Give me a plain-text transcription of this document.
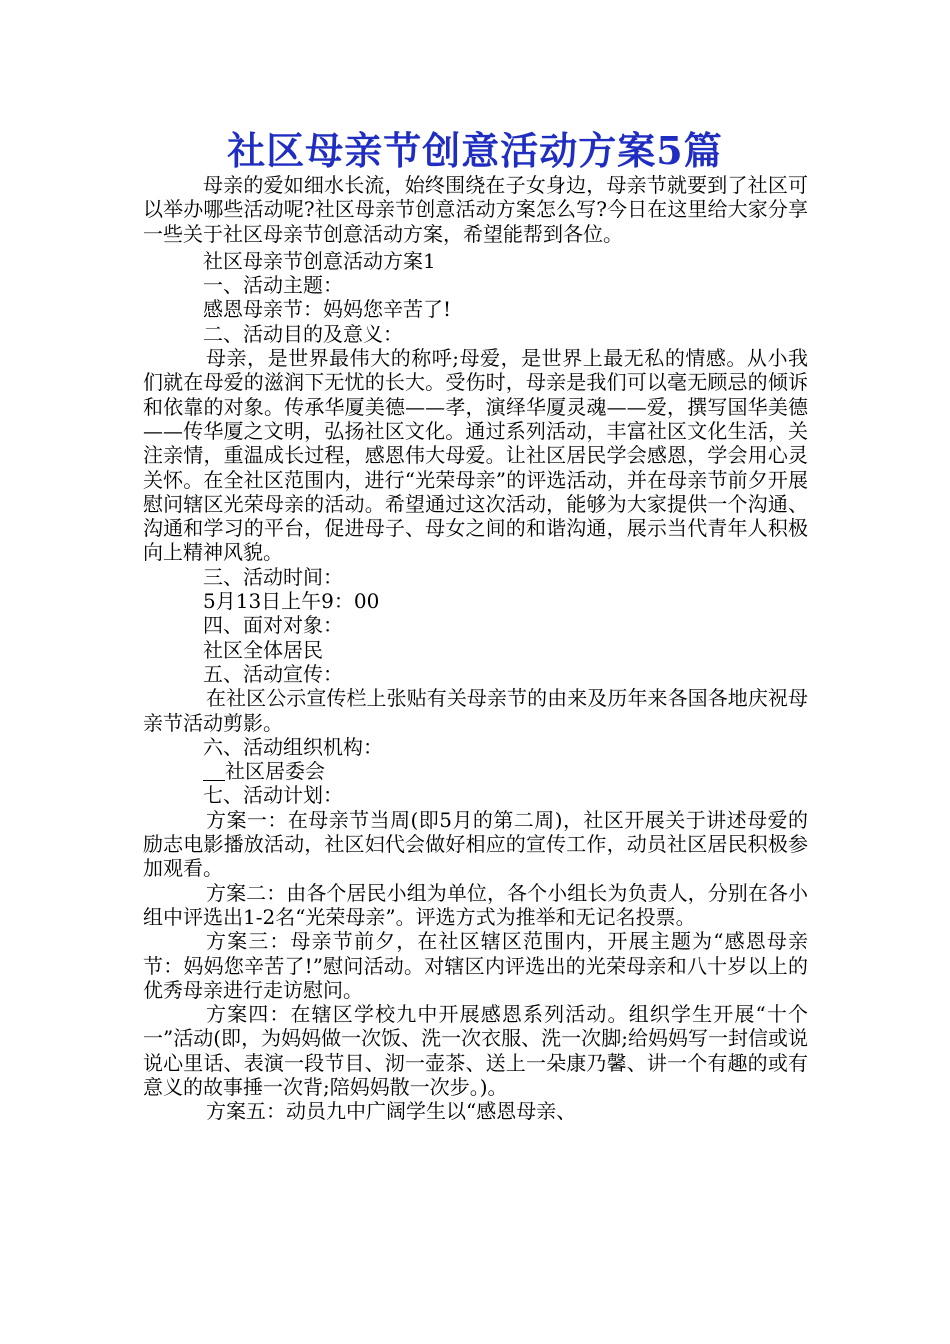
社区母亲节创意活动方案5篇

母亲的爱如细水长流，始终围绕在子女身边，母亲节就要到了社区可以举办哪些活动呢?社区母亲节创意活动方案怎么写?今日在这里给大家分享一些关于社区母亲节创意活动方案，希望能帮到各位。

社区母亲节创意活动方案1

一、活动主题：

感恩母亲节：妈妈您辛苦了!

二、活动目的及意义：

母亲，是世界最伟大的称呼;母爱，是世界上最无私的情感。从小我们就在母爱的滋润下无忧的长大。受伤时，母亲是我们可以毫无顾忌的倾诉和依靠的对象。传承华厦美德——孝，演绎华厦灵魂——爱，撰写国华美德——传华厦之文明，弘扬社区文化。通过系列活动，丰富社区文化生活，关注亲情，重温成长过程，感恩伟大母爱。让社区居民学会感恩，学会用心灵关怀。在全社区范围内，进行“光荣母亲”的评选活动，并在母亲节前夕开展慰问辖区光荣母亲的活动。希望通过这次活动，能够为大家提供一个沟通、沟通和学习的平台，促进母子、母女之间的和谐沟通，展示当代青年人积极向上精神风貌。

三、活动时间：

5月13日上午9：00

四、面对对象：

社区全体居民

五、活动宣传：

在社区公示宣传栏上张贴有关母亲节的由来及历年来各国各地庆祝母亲节活动剪影。

六、活动组织机构：

社区居委会

七、活动计划：

方案一：在母亲节当周(即5月的第二周)，社区开展关于讲述母爱的励志电影播放活动，社区妇代会做好相应的宣传工作，动员社区居民积极参加观看。

方案二：由各个居民小组为单位，各个小组长为负责人，分别在各小组中评选出1-2名“光荣母亲”。评选方式为推举和无记名投票。

方案三：母亲节前夕，在社区辖区范围内，开展主题为“感恩母亲节：妈妈您辛苦了!”慰问活动。对辖区内评选出的光荣母亲和八十岁以上的优秀母亲进行走访慰问。

方案四：在辖区学校九中开展感恩系列活动。组织学生开展“十个一”活动(即，为妈妈做一次饭、洗一次衣服、洗一次脚;给妈妈写一封信或说说心里话、表演一段节目、沏一壶茶、送上一朵康乃馨、讲一个有趣的或有意义的故事捶一次背;陪妈妈散一次步。)。

方案五：动员九中广阔学生以“感恩母亲、
